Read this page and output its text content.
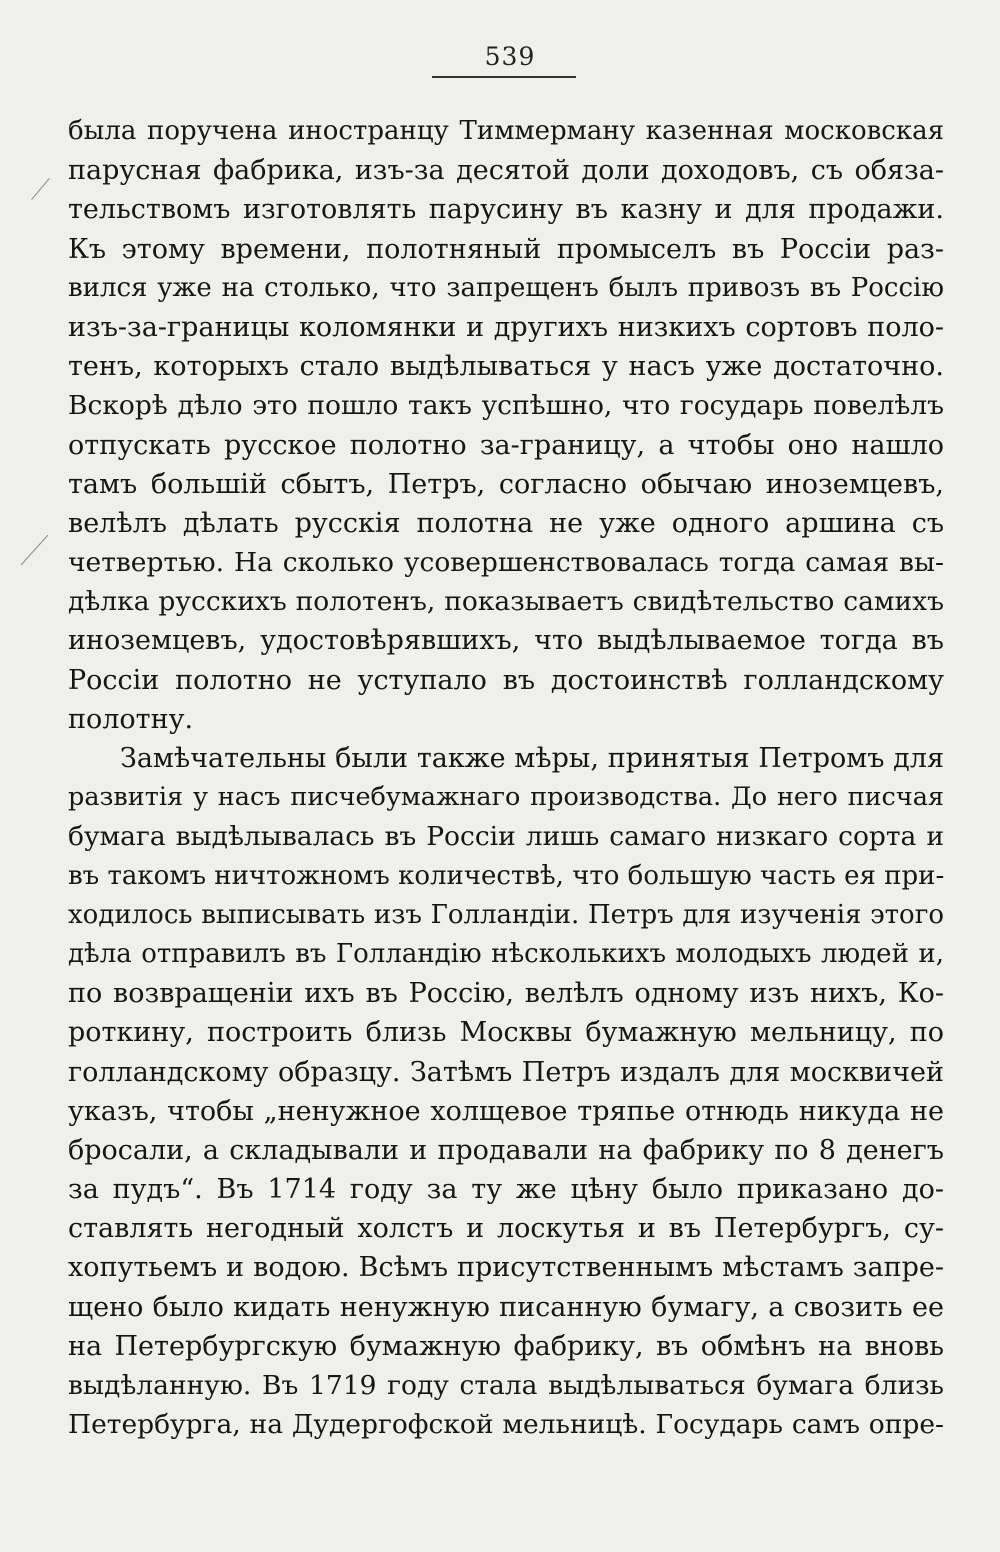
539
была поручена иностранцу Тиммерману казенная московская
парусная фабрика, изъ-за десятой доли доходовъ, съ обяза-
тельствомъ изготовлять парусину въ казну и для продажи.
Къ этому времени, полотняный промыселъ въ Россіи раз-
вился уже на столько, что запрещенъ былъ привозъ въ Россію
изъ-за-границы коломянки и другихъ низкихъ сортовъ поло-
тенъ, которыхъ стало выдѣлываться у насъ уже достаточно.
Вскорѣ дѣло это пошло такъ успѣшно, что государь повелѣлъ
отпускать русское полотно за-границу, а чтобы оно нашло
тамъ большій сбытъ, Петръ, согласно обычаю иноземцевъ,
велѣлъ дѣлать русскія полотна не уже одного аршина съ
четвертью. На сколько усовершенствовалась тогда самая вы-
дѣлка русскихъ полотенъ, показываетъ свидѣтельство самихъ
иноземцевъ, удостовѣрявшихъ, что выдѣлываемое тогда въ
Россіи полотно не уступало въ достоинствѣ голландскому
полотну.
Замѣчательны были также мѣры, принятыя Петромъ для
развитія у насъ писчебумажнаго производства. До него писчая
бумага выдѣлывалась въ Россіи лишь самаго низкаго сорта и
въ такомъ ничтожномъ количествѣ, что большую часть ея при-
ходилось выписывать изъ Голландіи. Петръ для изученія этого
дѣла отправилъ въ Голландію нѣсколькихъ молодыхъ людей и,
по возвращеніи ихъ въ Россію, велѣлъ одному изъ нихъ, Ко-
роткину, построить близь Москвы бумажную мельницу, по
голландскому образцу. Затѣмъ Петръ издалъ для москвичей
указъ, чтобы „ненужное холщевое тряпье отнюдь никуда не
бросали, а складывали и продавали на фабрику по 8 денегъ
за пудъ“. Въ 1714 году за ту же цѣну было приказано до-
ставлять негодный холстъ и лоскутья и въ Петербургъ, су-
хопутьемъ и водою. Всѣмъ присутственнымъ мѣстамъ запре-
щено было кидать ненужную писанную бумагу, а свозить ее
на Петербургскую бумажную фабрику, въ обмѣнъ на вновь
выдѣланную. Въ 1719 году стала выдѣлываться бумага близь
Петербурга, на Дудергофской мельницѣ. Государь самъ опре-
